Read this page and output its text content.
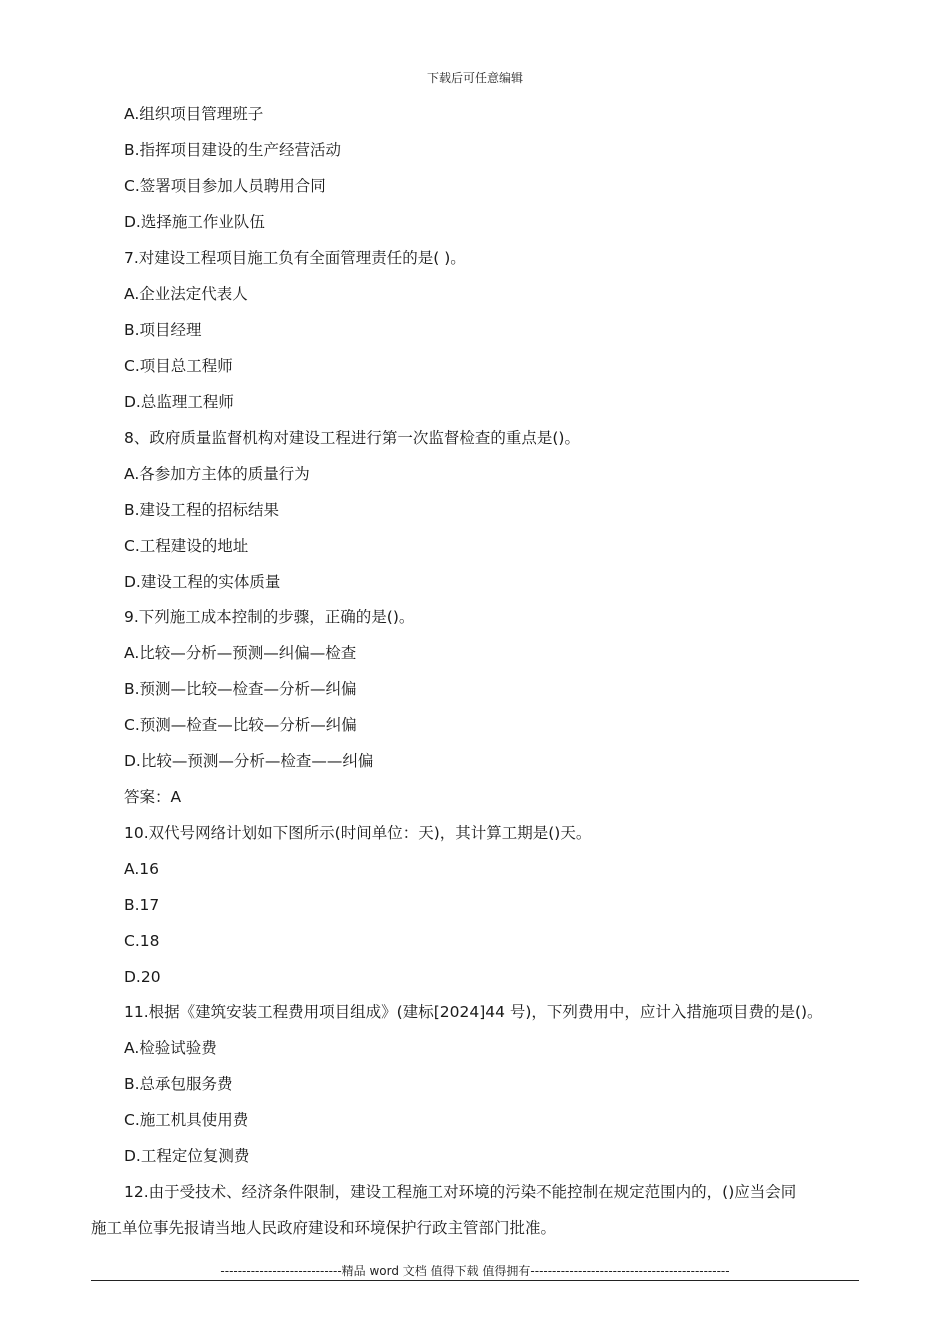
下载后可任意编辑
A.组织项目管理班子
B.指挥项目建设的生产经营活动
C.签署项目参加人员聘用合同
D.选择施工作业队伍
7.对建设工程项目施工负有全面管理责任的是( )。
A.企业法定代表人
B.项目经理
C.项目总工程师
D.总监理工程师
8、政府质量监督机构对建设工程进行第一次监督检查的重点是()。
A.各参加方主体的质量行为
B.建设工程的招标结果
C.工程建设的地址
D.建设工程的实体质量
9.下列施工成本控制的步骤，正确的是()。
A.比较—分析—预测—纠偏—检查
B.预测—比较—检查—分析—纠偏
C.预测—检查—比较—分析—纠偏
D.比较—预测—分析—检查——纠偏
答案：A
10.双代号网络计划如下图所示(时间单位：天)，其计算工期是()天。
A.16
B.17
C.18
D.20
11.根据《建筑安装工程费用项目组成》(建标[2024]44 号)，下列费用中，应计入措施项目费的是()。
A.检验试验费
B.总承包服务费
C.施工机具使用费
D.工程定位复测费
12.由于受技术、经济条件限制，建设工程施工对环境的污染不能控制在规定范围内的，()应当会同
施工单位事先报请当地人民政府建设和环境保护行政主管部门批准。
----------------------------精品 word 文档 值得下载 值得拥有----------------------------------------------
